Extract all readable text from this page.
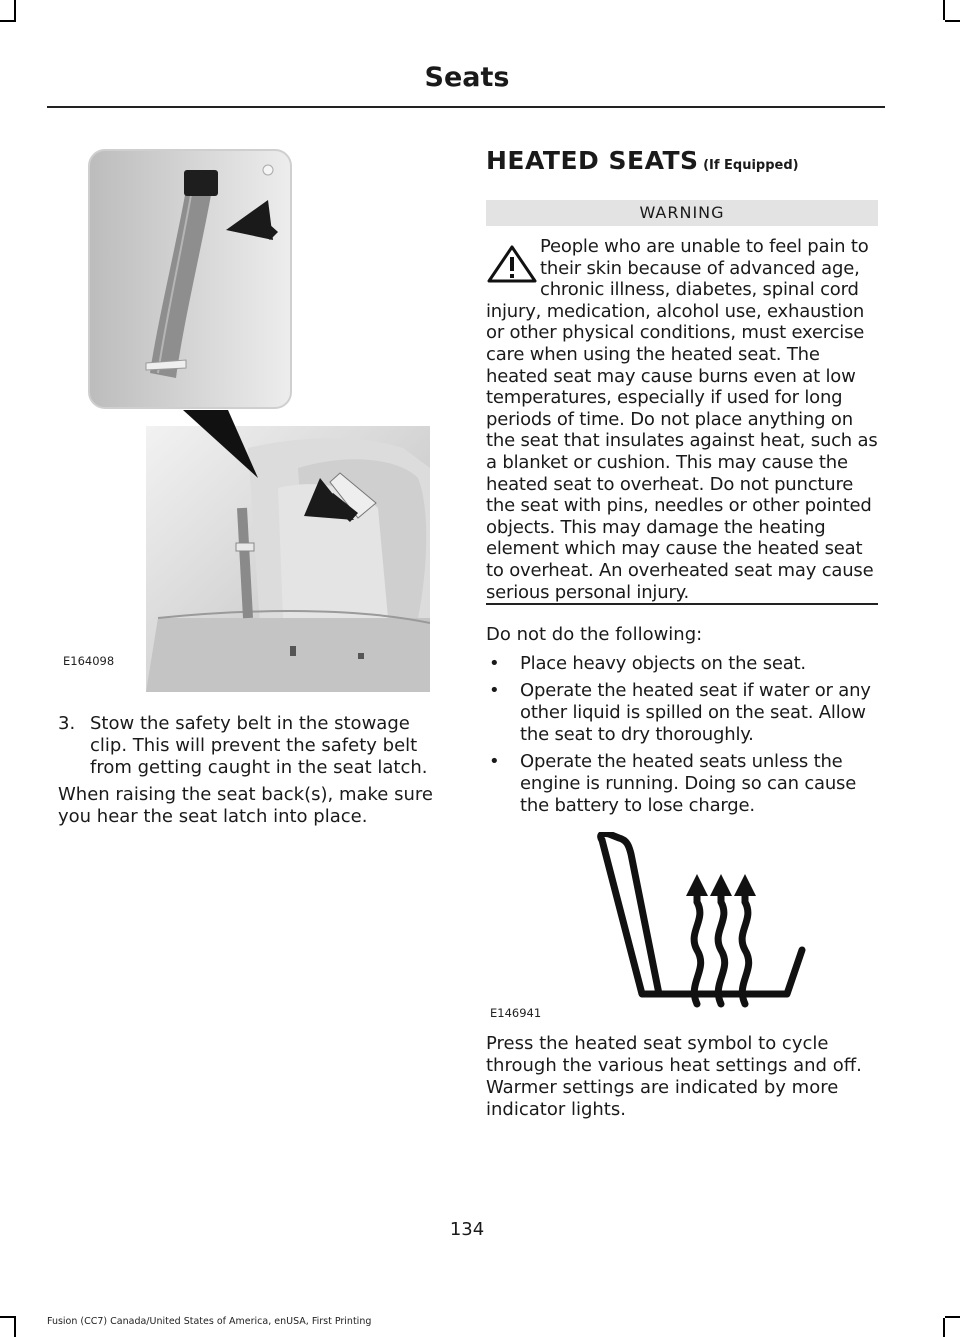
Seats
E164098
3. Stow the safety belt in the stowage clip. This will prevent the safety belt from getting caught in the seat latch.
When raising the seat back(s), make sure you hear the seat latch into place.
HEATED SEATS (If Equipped)
WARNING
People who are unable to feel pain to their skin because of advanced age, chronic illness, diabetes, spinal cord injury, medication, alcohol use, exhaustion or other physical conditions, must exercise care when using the heated seat. The heated seat may cause burns even at low temperatures, especially if used for long periods of time. Do not place anything on the seat that insulates against heat, such as a blanket or cushion. This may cause the heated seat to overheat. Do not puncture the seat with pins, needles or other pointed objects. This may damage the heating element which may cause the heated seat to overheat. An overheated seat may cause serious personal injury.
Do not do the following:
• Place heavy objects on the seat.
• Operate the heated seat if water or any other liquid is spilled on the seat. Allow the seat to dry thoroughly.
• Operate the heated seats unless the engine is running. Doing so can cause the battery to lose charge.
E146941
Press the heated seat symbol to cycle through the various heat settings and off. Warmer settings are indicated by more indicator lights.
134
Fusion (CC7) Canada/United States of America, enUSA, First Printing
